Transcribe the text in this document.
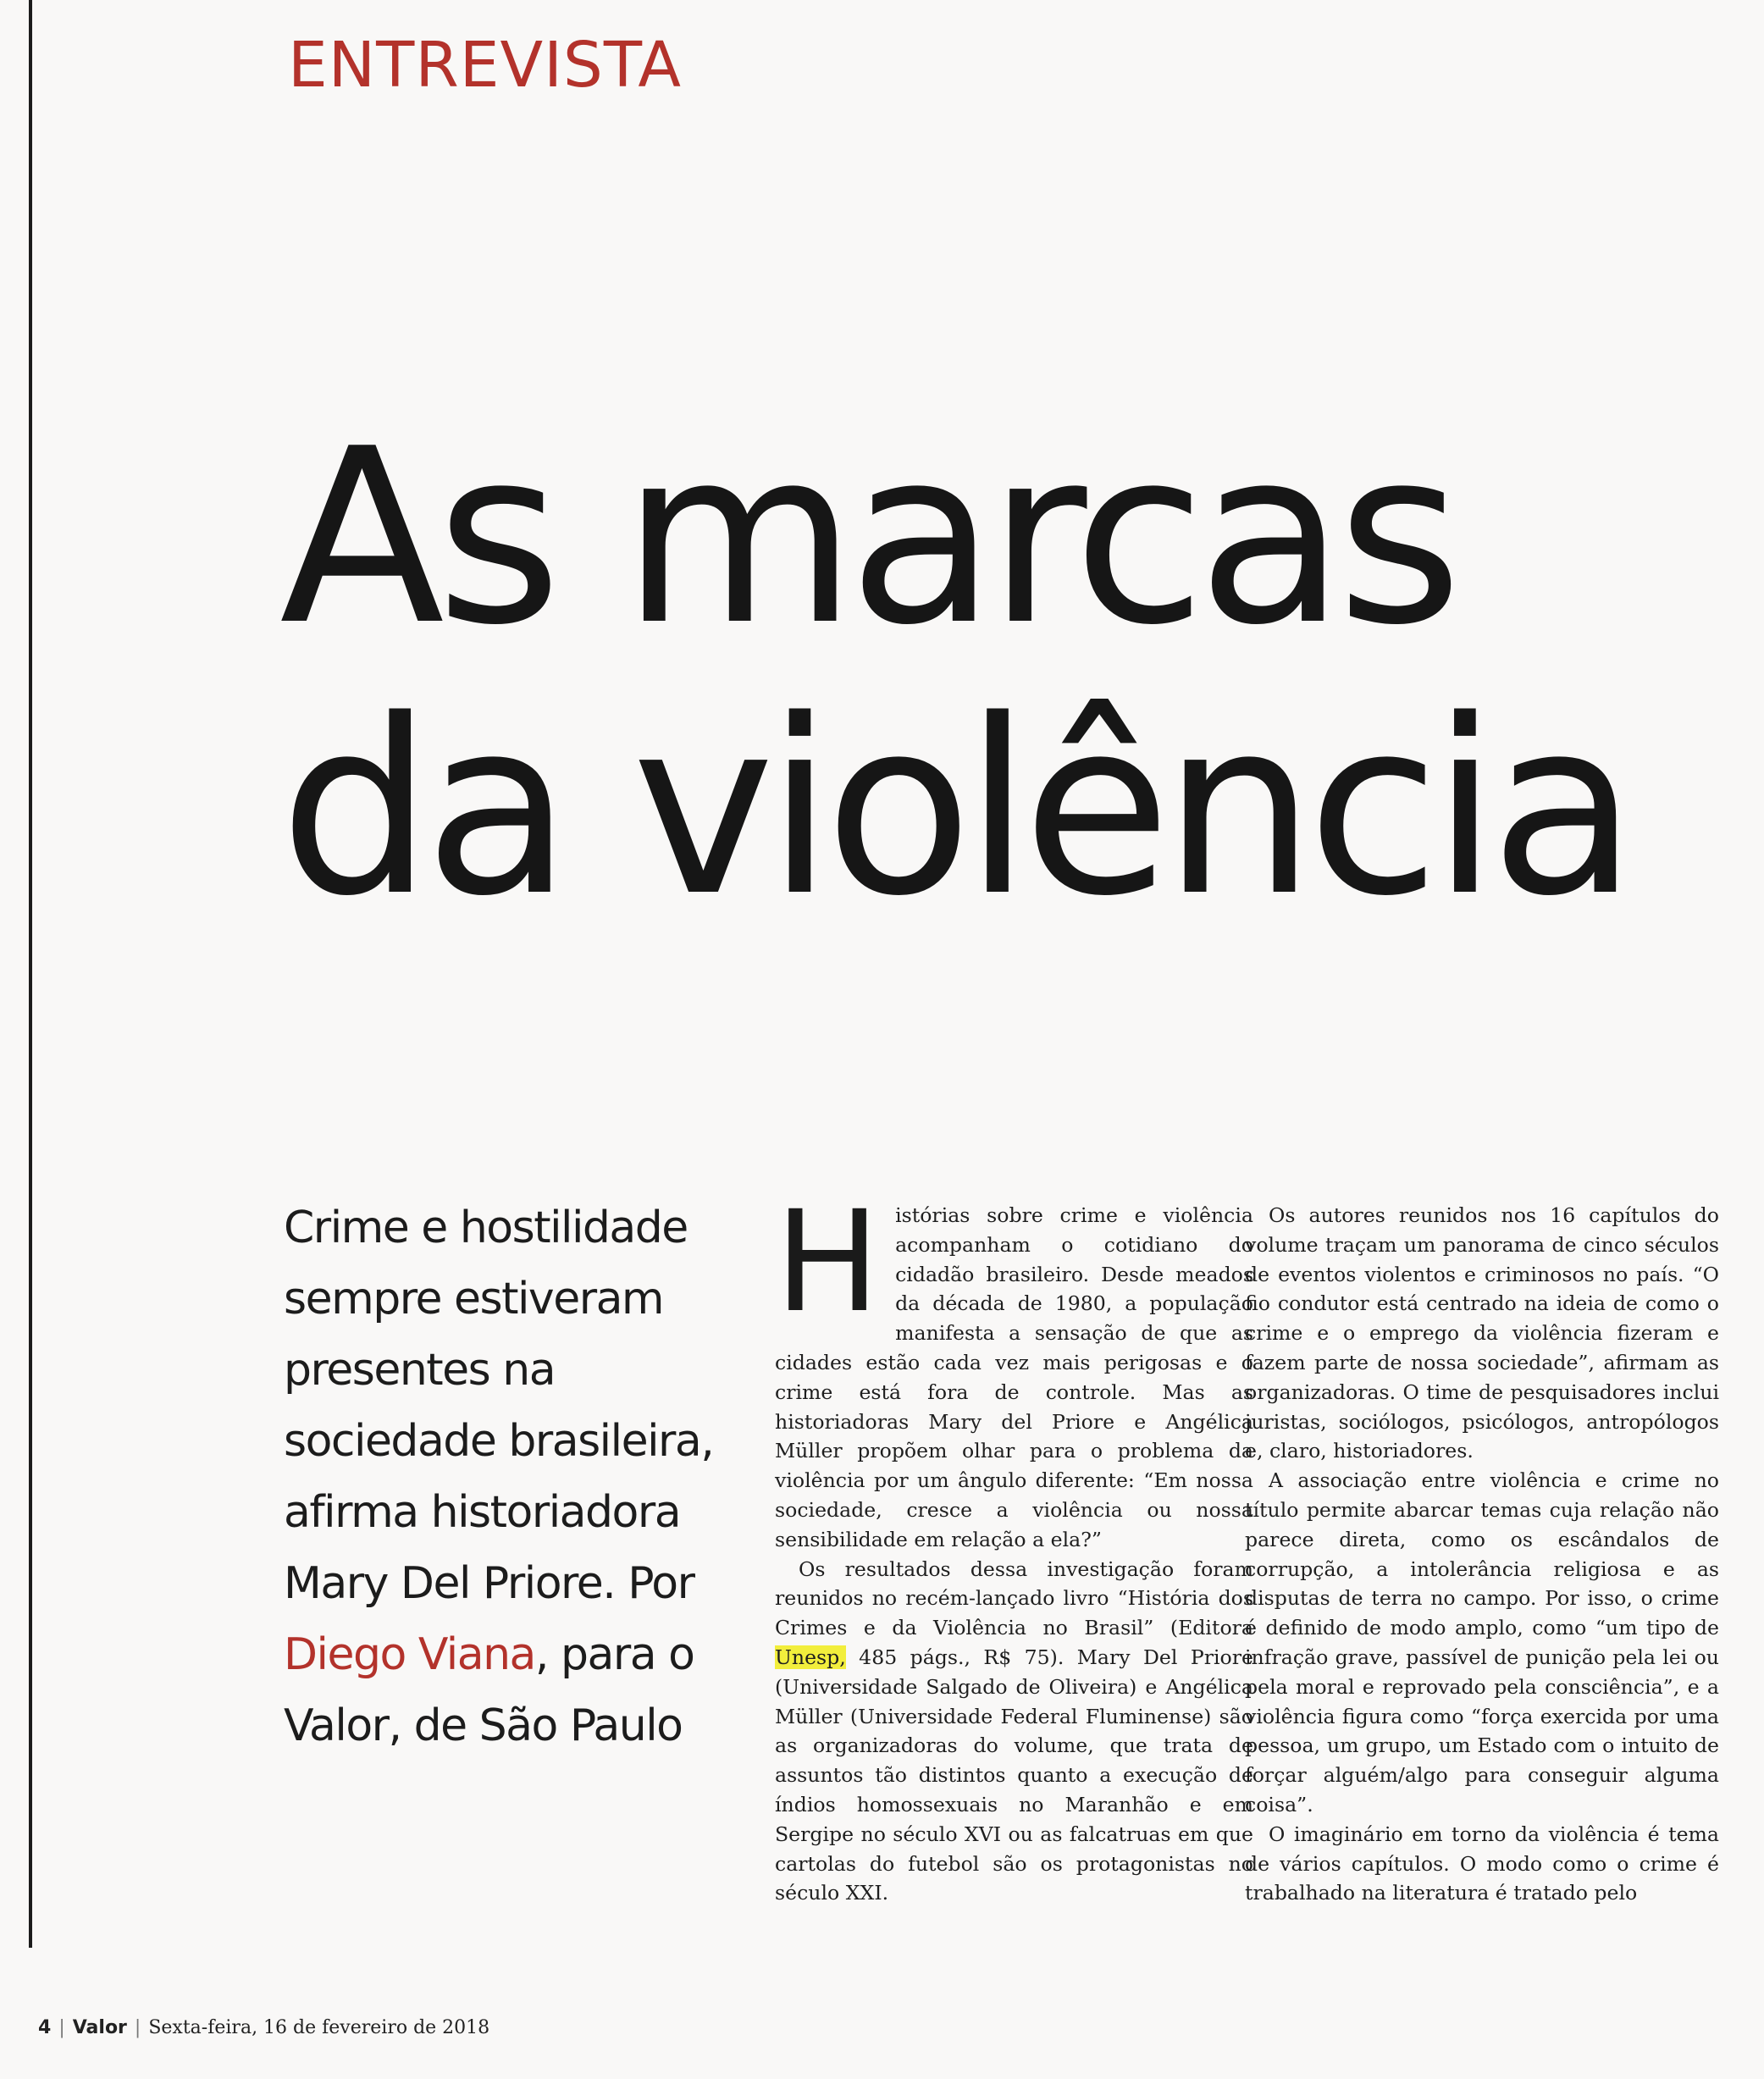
ENTREVISTA
As marcas
da violência

Crime e hostilidade sempre estiveram presentes na sociedade brasileira, afirma historiadora Mary Del Priore. Por Diego Viana, para o Valor, de São Paulo

H istórias sobre crime e violência acompanham o cotidiano do cidadão brasileiro. Desde meados da década de 1980, a população manifesta a sensação de que as cidades estão cada vez mais perigosas e o crime está fora de controle. Mas as historiadoras Mary del Priore e Angélica Müller propõem olhar para o problema da violência por um ângulo diferente: “Em nossa sociedade, cresce a violência ou nossa sensibilidade em relação a ela?”

Os resultados dessa investigação foram reunidos no recém-lançado livro “História dos Crimes e da Violência no Brasil” (Editora Unesp, 485 págs., R$ 75). Mary Del Priore (Universidade Salgado de Oliveira) e Angélica Müller (Universidade Federal Fluminense) são as organizadoras do volume, que trata de assuntos tão distintos quanto a execução de índios homossexuais no Maranhão e em Sergipe no século XVI ou as falcatruas em que cartolas do futebol são os protagonistas no século XXI.

Os autores reunidos nos 16 capítulos do volume traçam um panorama de cinco séculos de eventos violentos e criminosos no país. “O fio condutor está centrado na ideia de como o crime e o emprego da violência fizeram e fazem parte de nossa sociedade”, afirmam as organizadoras. O time de pesquisadores inclui juristas, sociólogos, psicólogos, antropólogos e, claro, historiadores.

A associação entre violência e crime no título permite abarcar temas cuja relação não parece direta, como os escândalos de corrupção, a intolerância religiosa e as disputas de terra no campo. Por isso, o crime é definido de modo amplo, como “um tipo de infração grave, passível de punição pela lei ou pela moral e reprovado pela consciência”, e a violência figura como “força exercida por uma pessoa, um grupo, um Estado com o intuito de forçar alguém/algo para conseguir alguma coisa”.

O imaginário em torno da violência é tema de vários capítulos. O modo como o crime é trabalhado na literatura é tratado pelo

4 | Valor | Sexta-feira, 16 de fevereiro de 2018
